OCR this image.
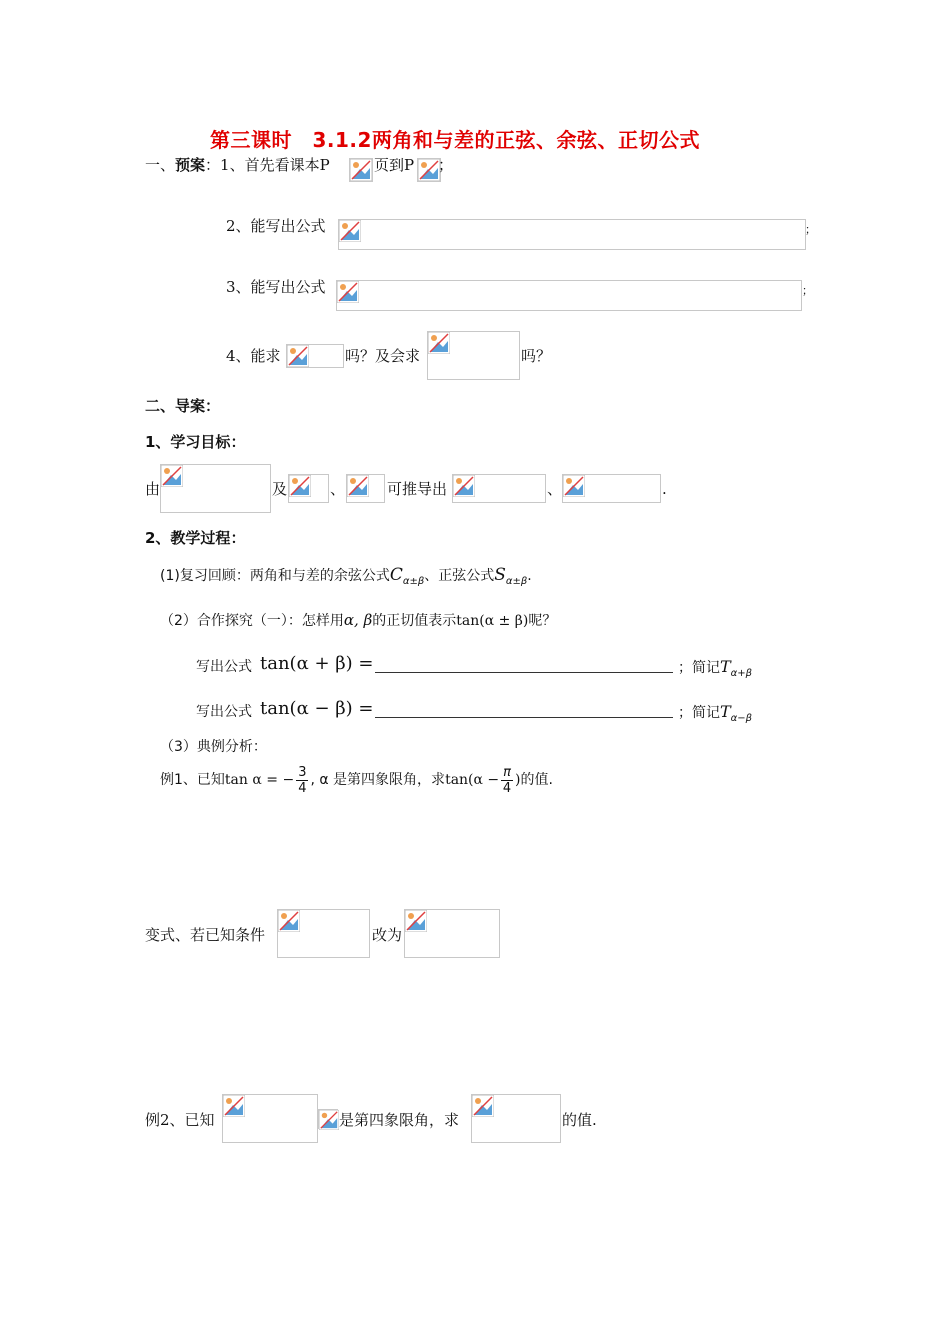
第三课时　3.1.2两角和与差的正弦、余弦、正切公式
一、预案：1、首先看课本P	页到P ；
2、能写出公式	；
3、能写出公式	；
4、能求	吗？及会求	吗？
二、导案：
1、学习目标：
由	及	、	可推导出	、	.
2、教学过程：
(1)复习回顾：两角和与差的余弦公式$C_{\alpha\pm\beta}$、正弦公式$S_{\alpha\pm\beta}$.
（2）合作探究（一）：怎样用α, β的正切值表示tan(α ± β)呢？
写出公式 tan(α + β) =	；简记$T_{\alpha+\beta}$
写出公式 tan(α − β) =	；简记$T_{\alpha-\beta}$
（3）典例分析：
例1、已知tan α = − $\frac{3}{4}$ , α 是第四象限角，求$\tan(\alpha - \frac{\pi}{4}$ )的值.
变式、若已知条件	改为
例2、已知	是第四象限角，求	的值.
